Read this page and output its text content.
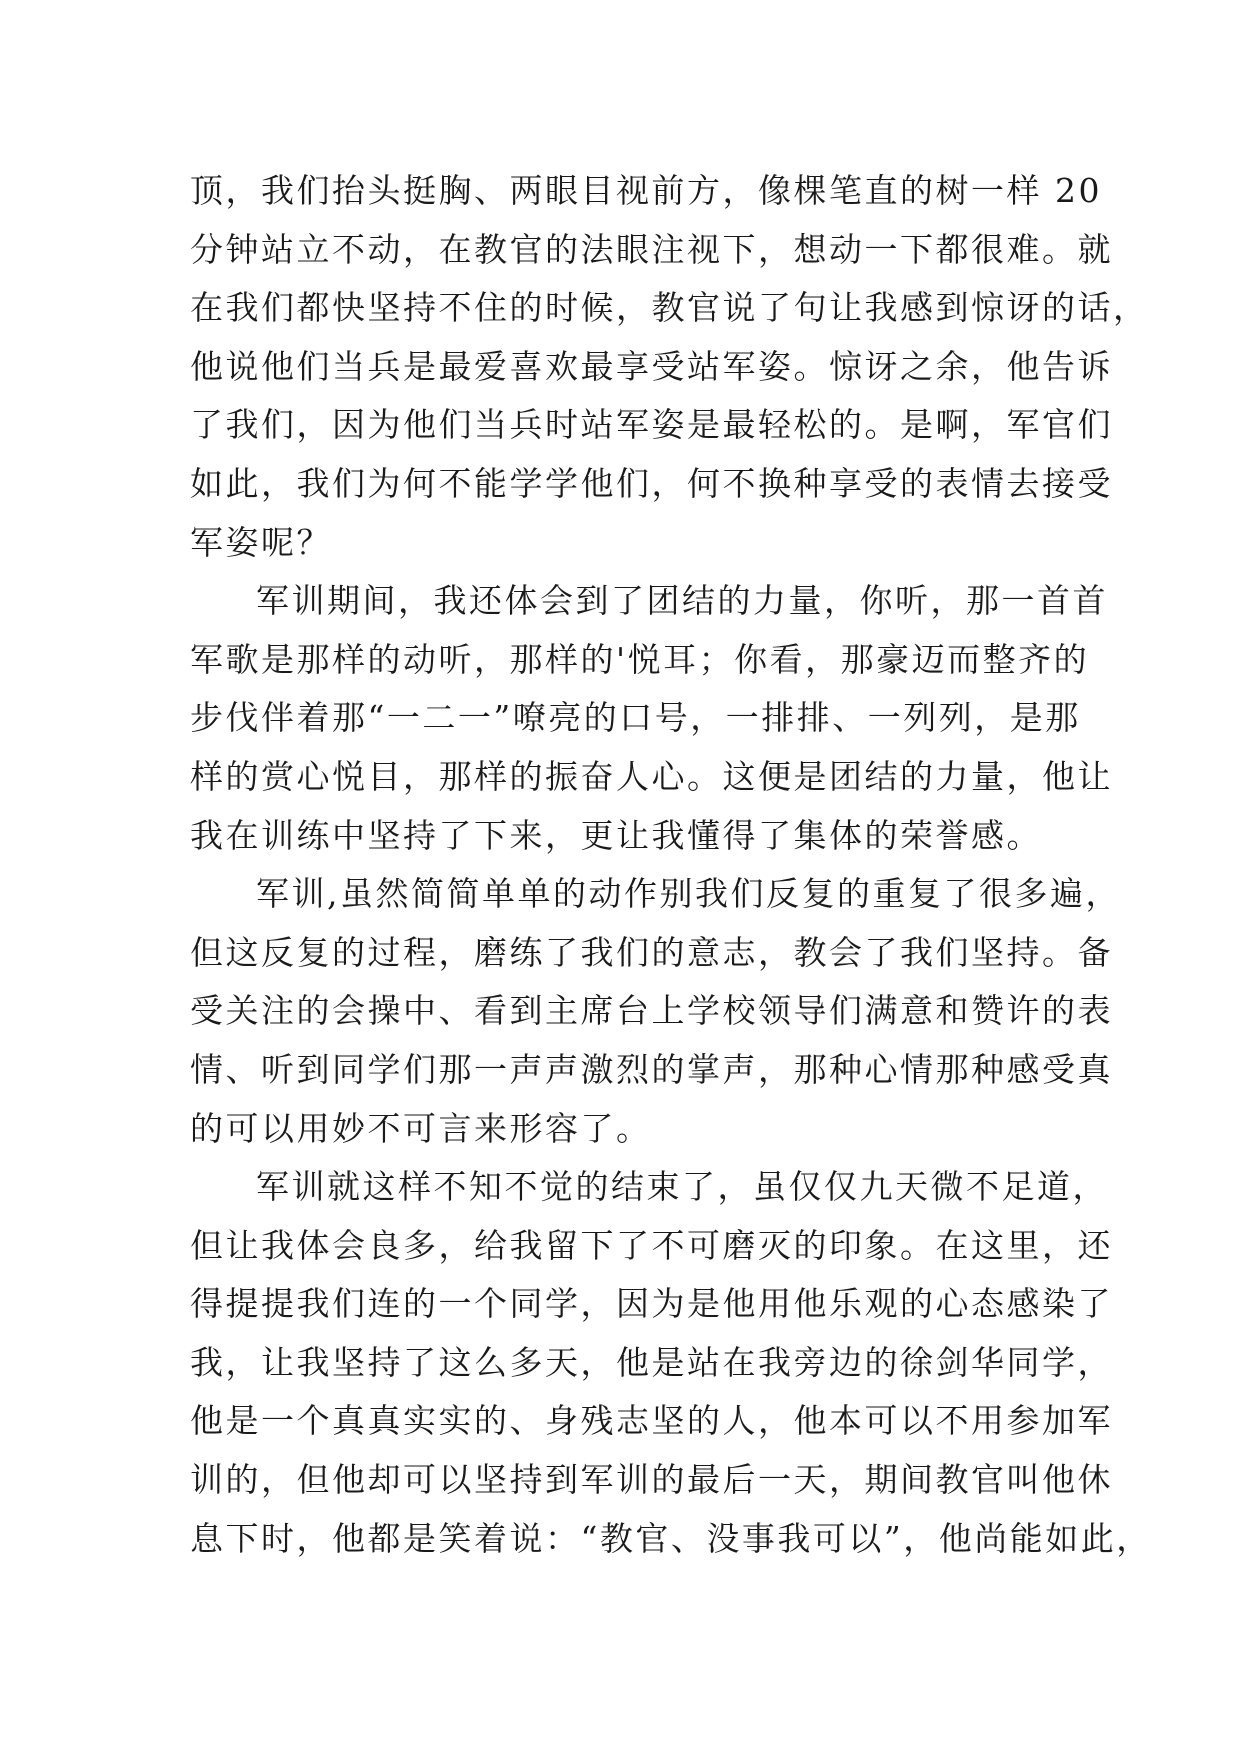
顶，我们抬头挺胸、两眼目视前方，像棵笔直的树一样 20
分钟站立不动，在教官的法眼注视下，想动一下都很难。就
在我们都快坚持不住的时候，教官说了句让我感到惊讶的话，
他说他们当兵是最爱喜欢最享受站军姿。惊讶之余，他告诉
了我们，因为他们当兵时站军姿是最轻松的。是啊，军官们
如此，我们为何不能学学他们，何不换种享受的表情去接受
军姿呢？
军训期间，我还体会到了团结的力量，你听，那一首首
军歌是那样的动听，那样的'悦耳；你看，那豪迈而整齐的
步伐伴着那“一二一”嘹亮的口号，一排排、一列列，是那
样的赏心悦目，那样的振奋人心。这便是团结的力量，他让
我在训练中坚持了下来，更让我懂得了集体的荣誉感。
军训,虽然简简单单的动作别我们反复的重复了很多遍，
但这反复的过程，磨练了我们的意志，教会了我们坚持。备
受关注的会操中、看到主席台上学校领导们满意和赞许的表
情、听到同学们那一声声激烈的掌声，那种心情那种感受真
的可以用妙不可言来形容了。
军训就这样不知不觉的结束了，虽仅仅九天微不足道，
但让我体会良多，给我留下了不可磨灭的印象。在这里，还
得提提我们连的一个同学，因为是他用他乐观的心态感染了
我，让我坚持了这么多天，他是站在我旁边的徐剑华同学，
他是一个真真实实的、身残志坚的人，他本可以不用参加军
训的，但他却可以坚持到军训的最后一天，期间教官叫他休
息下时，他都是笑着说：“教官、没事我可以”，他尚能如此，
